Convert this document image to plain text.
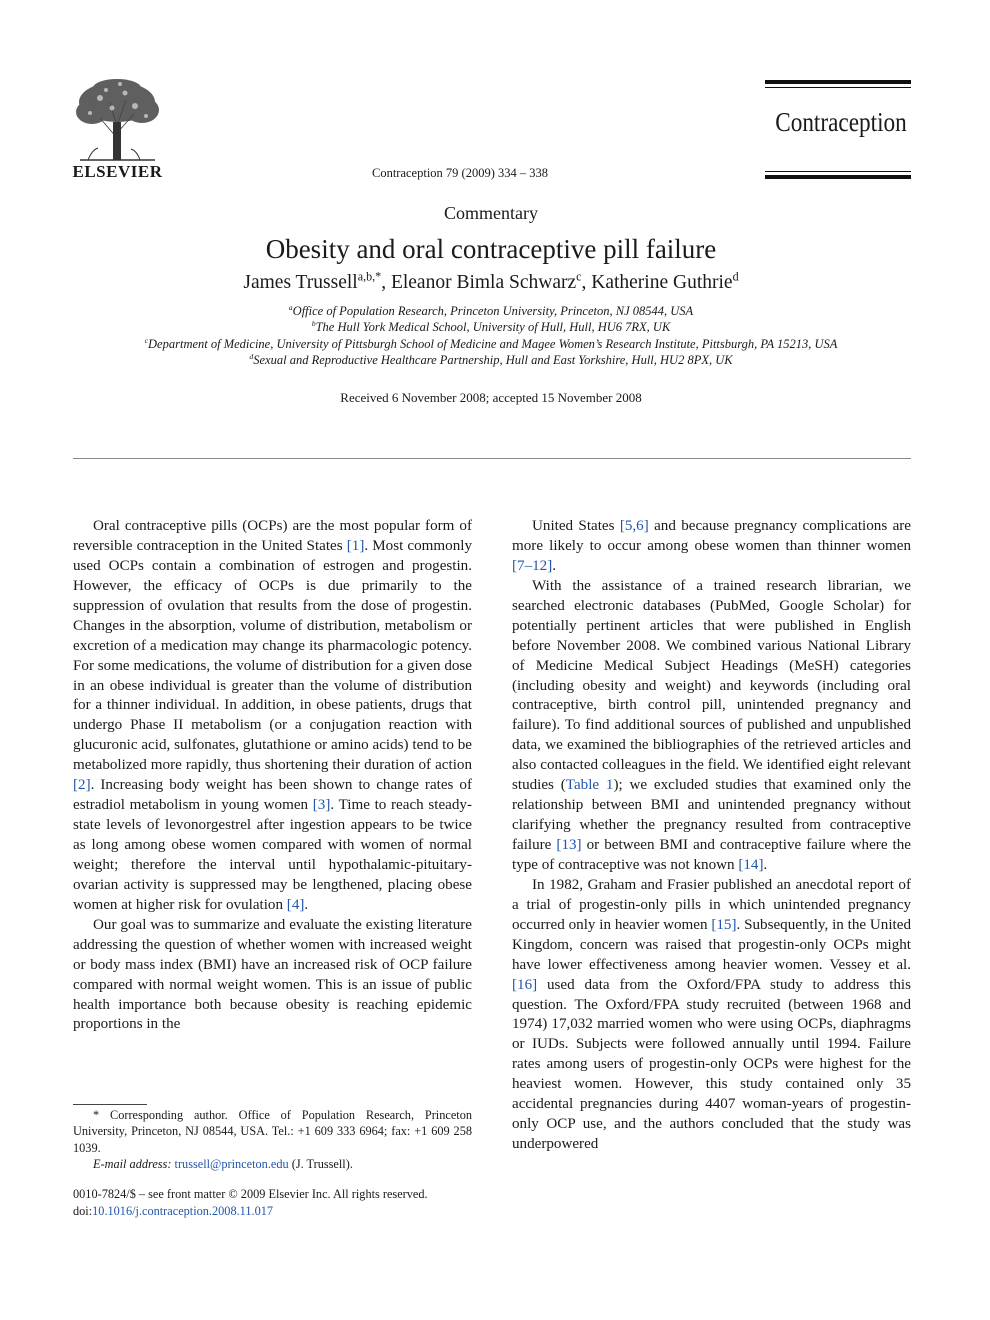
ELSEVIER	Contraception 79 (2009) 334 – 338
Contraception
Commentary
Obesity and oral contraceptive pill failure
James Trussell$^{a,b,*}$, Eleanor Bimla Schwarz$^c$, Katherine Guthrie$^d$
$^a$Office of Population Research, Princeton University, Princeton, NJ 08544, USA
$^b$The Hull York Medical School, University of Hull, Hull, HU6 7RX, UK
$^c$Department of Medicine, University of Pittsburgh School of Medicine and Magee Women’s Research Institute, Pittsburgh, PA 15213, USA
$^d$Sexual and Reproductive Healthcare Partnership, Hull and East Yorkshire, Hull, HU2 8PX, UK
Received 6 November 2008; accepted 15 November 2008

Oral contraceptive pills (OCPs) are the most popular form of reversible contraception in the United States [1]. Most commonly used OCPs contain a combination of estrogen and progestin. However, the efficacy of OCPs is due primarily to the suppression of ovulation that results from the dose of progestin. Changes in the absorption, volume of distribution, metabolism or excretion of a medication may change its pharmacologic potency. For some medications, the volume of distribution for a given dose in an obese individual is greater than the volume of distribution for a thinner individual. In addition, in obese patients, drugs that undergo Phase II metabolism (or a conjugation reaction with glucuronic acid, sulfonates, glutathione or amino acids) tend to be metabolized more rapidly, thus shortening their duration of action [2]. Increasing body weight has been shown to change rates of estradiol metabolism in young women [3]. Time to reach steady-state levels of levonorgestrel after ingestion appears to be twice as long among obese women compared with women of normal weight; therefore the interval until hypothalamic-pituitary-ovarian activity is suppressed may be lengthened, placing obese women at higher risk for ovulation [4].

Our goal was to summarize and evaluate the existing literature addressing the question of whether women with increased weight or body mass index (BMI) have an increased risk of OCP failure compared with normal weight women. This is an issue of public health importance both because obesity is reaching epidemic proportions in the

United States [5,6] and because pregnancy complications are more likely to occur among obese women than thinner women [7–12].

With the assistance of a trained research librarian, we searched electronic databases (PubMed, Google Scholar) for potentially pertinent articles that were published in English before November 2008. We combined various National Library of Medicine Medical Subject Headings (MeSH) categories (including obesity and weight) and keywords (including oral contraceptive, birth control pill, unintended pregnancy and failure). To find additional sources of published and unpublished data, we examined the bibliographies of the retrieved articles and also contacted colleagues in the field. We identified eight relevant studies (Table 1); we excluded studies that examined only the relationship between BMI and unintended pregnancy without clarifying whether the pregnancy resulted from contraceptive failure [13] or between BMI and contraceptive failure where the type of contraceptive was not known [14].

In 1982, Graham and Frasier published an anecdotal report of a trial of progestin-only pills in which unintended pregnancy occurred only in heavier women [15]. Subsequently, in the United Kingdom, concern was raised that progestin-only OCPs might have lower effectiveness among heavier women. Vessey et al. [16] used data from the Oxford/FPA study to address this question. The Oxford/FPA study recruited (between 1968 and 1974) 17,032 married women who were using OCPs, diaphragms or IUDs. Subjects were followed annually until 1994. Failure rates among users of progestin-only OCPs were highest for the heaviest women. However, this study contained only 35 accidental pregnancies during 4407 woman-years of progestin-only OCP use, and the authors concluded that the study was underpowered

* Corresponding author. Office of Population Research, Princeton University, Princeton, NJ 08544, USA. Tel.: +1 609 333 6964; fax: +1 609 258 1039.

E-mail address: trussell@princeton.edu (J. Trussell).

0010-7824/$ – see front matter © 2009 Elsevier Inc. All rights reserved.
doi:10.1016/j.contraception.2008.11.017
